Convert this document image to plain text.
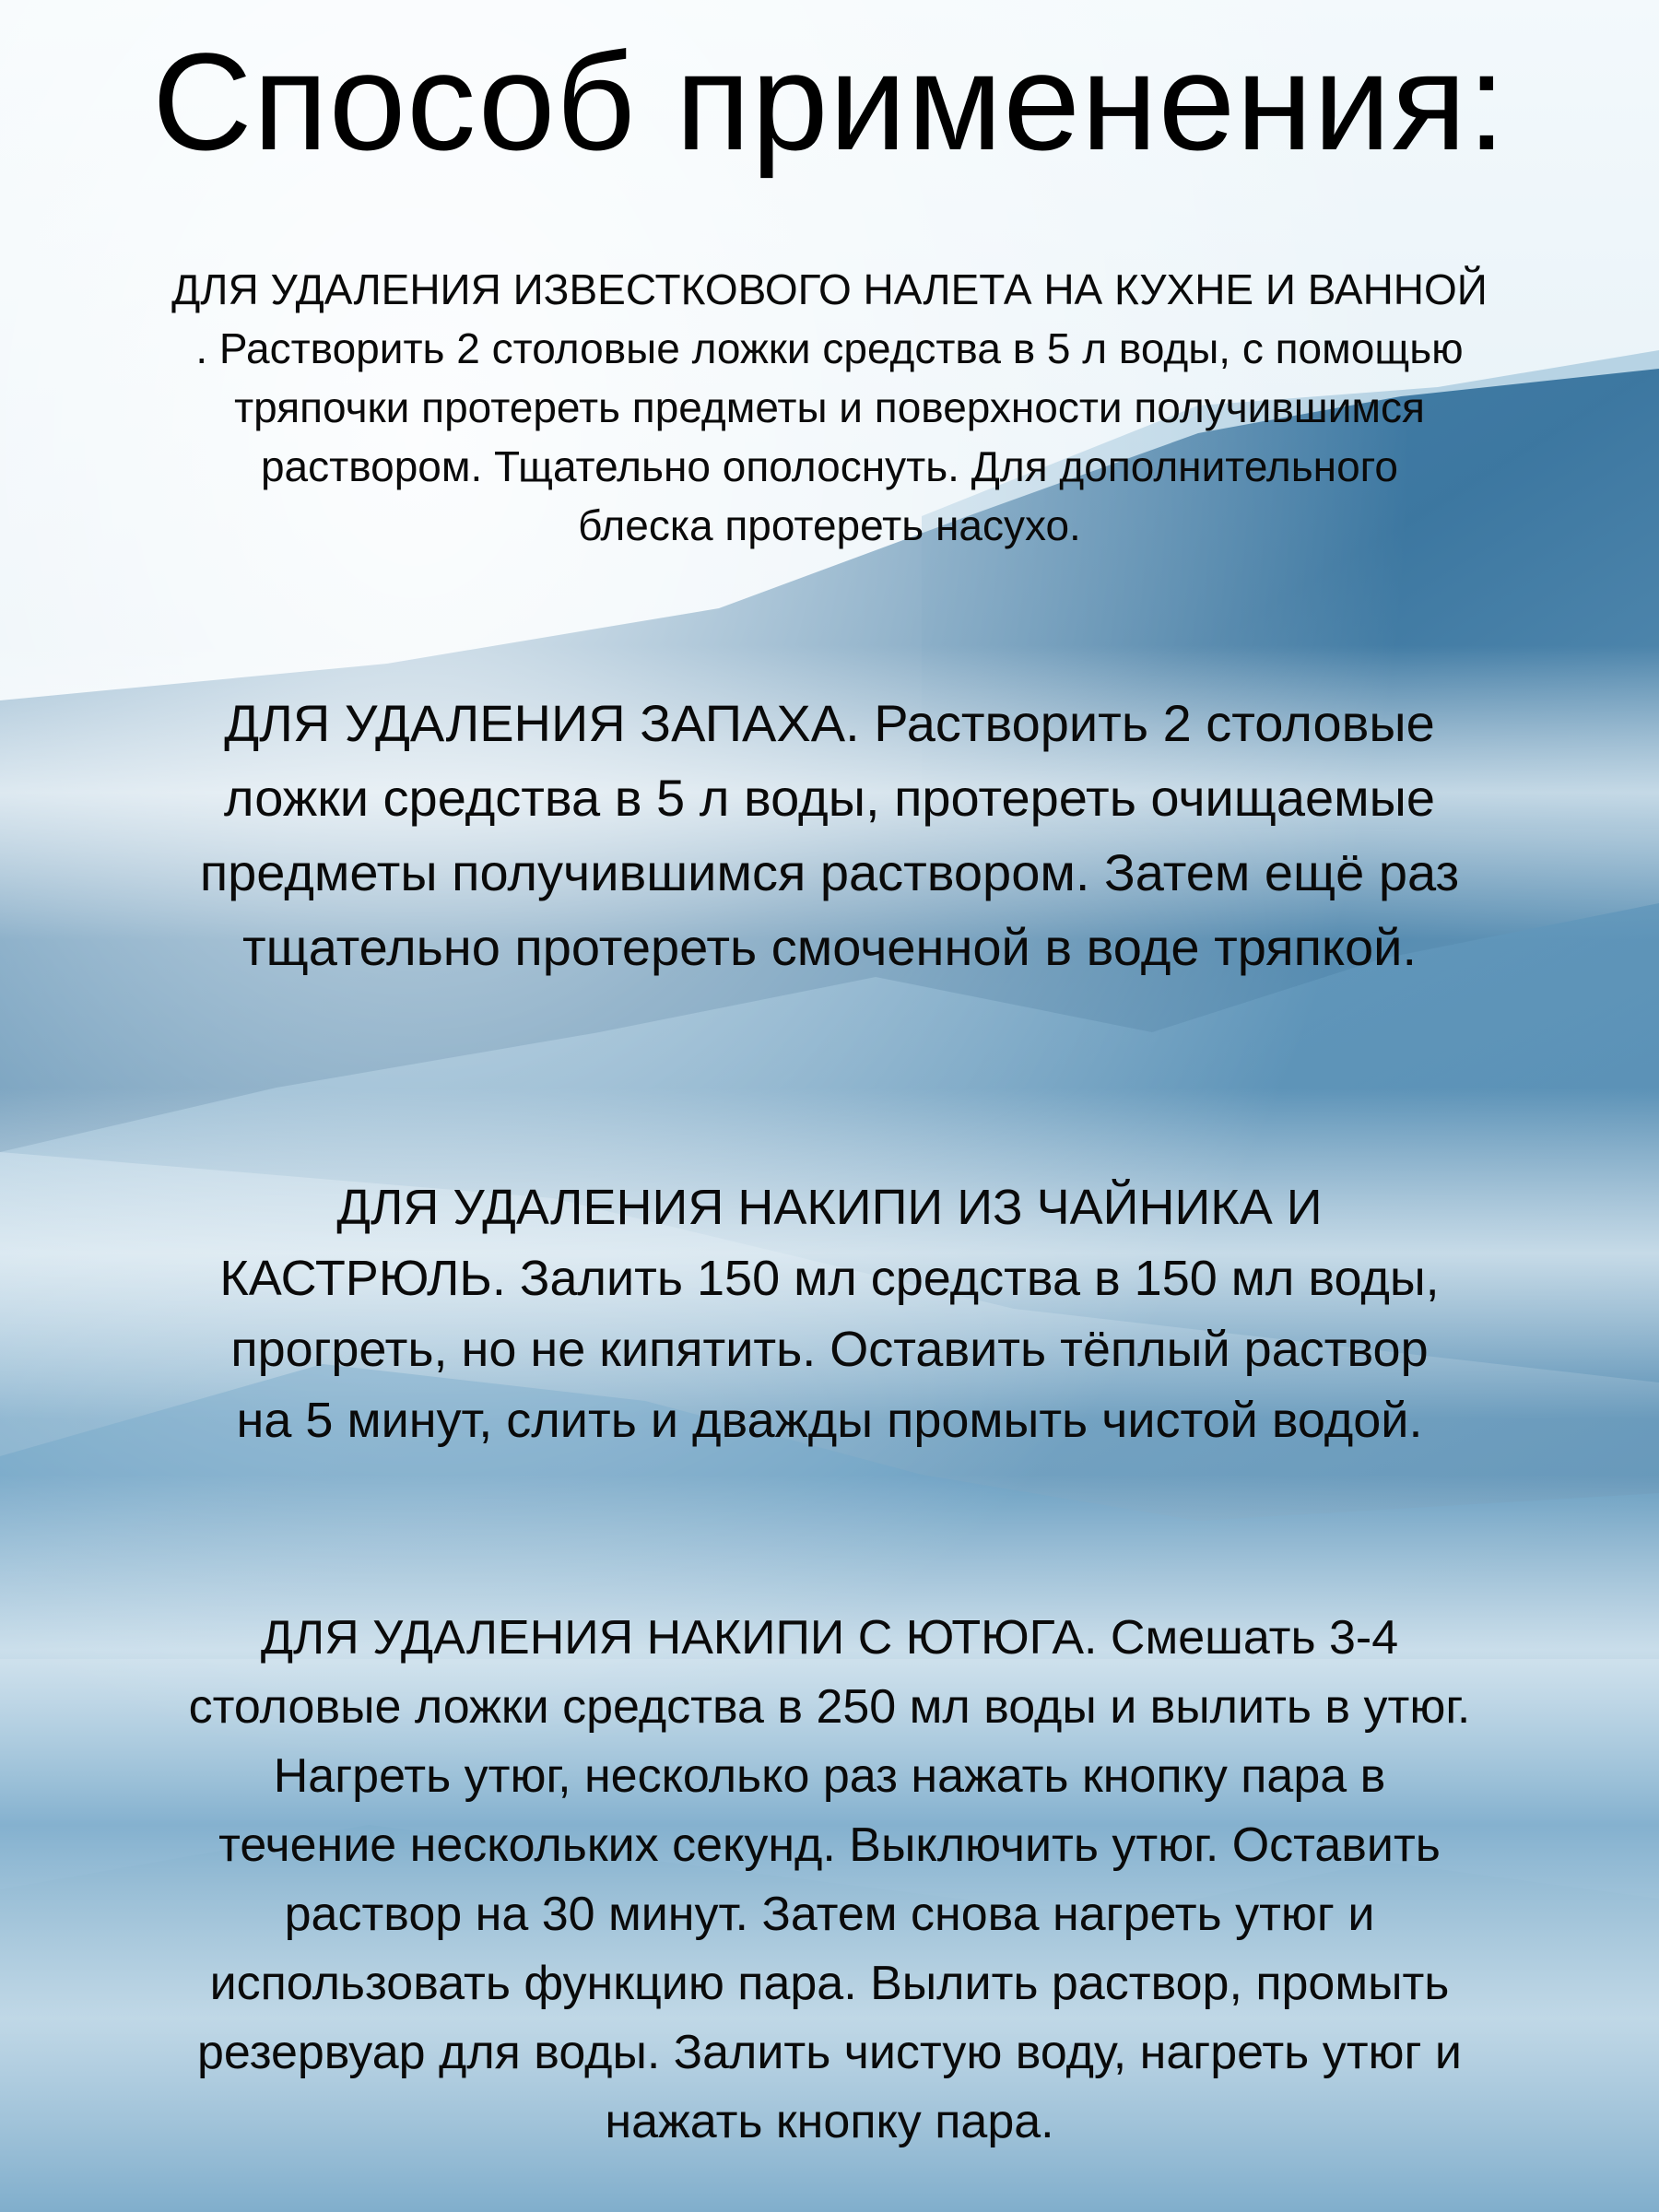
Способ применения:
ДЛЯ УДАЛЕНИЯ ИЗВЕСТКОВОГО НАЛЕТА НА КУХНЕ И ВАННОЙ
. Растворить 2 столовые ложки средства в 5 л воды, с помощью
тряпочки протереть предметы и поверхности получившимся
раствором. Тщательно ополоснуть. Для дополнительного
блеска протереть насухо.
ДЛЯ УДАЛЕНИЯ ЗАПАХА. Растворить 2 столовые
ложки средства в 5 л воды, протереть очищаемые
предметы получившимся раствором. Затем ещё раз
тщательно протереть смоченной в воде тряпкой.
ДЛЯ УДАЛЕНИЯ НАКИПИ ИЗ ЧАЙНИКА И
КАСТРЮЛЬ. Залить 150 мл средства в 150 мл воды,
прогреть, но не кипятить. Оставить тёплый раствор
на 5 минут, слить и дважды промыть чистой водой.
ДЛЯ УДАЛЕНИЯ НАКИПИ С ЮТЮГА. Смешать 3-4
столовые ложки средства в 250 мл воды и вылить в утюг.
Нагреть утюг, несколько раз нажать кнопку пара в
течение нескольких секунд. Выключить утюг. Оставить
раствор на 30 минут. Затем снова нагреть утюг и
использовать функцию пара. Вылить раствор, промыть
резервуар для воды. Залить чистую воду, нагреть утюг и
нажать кнопку пара.
